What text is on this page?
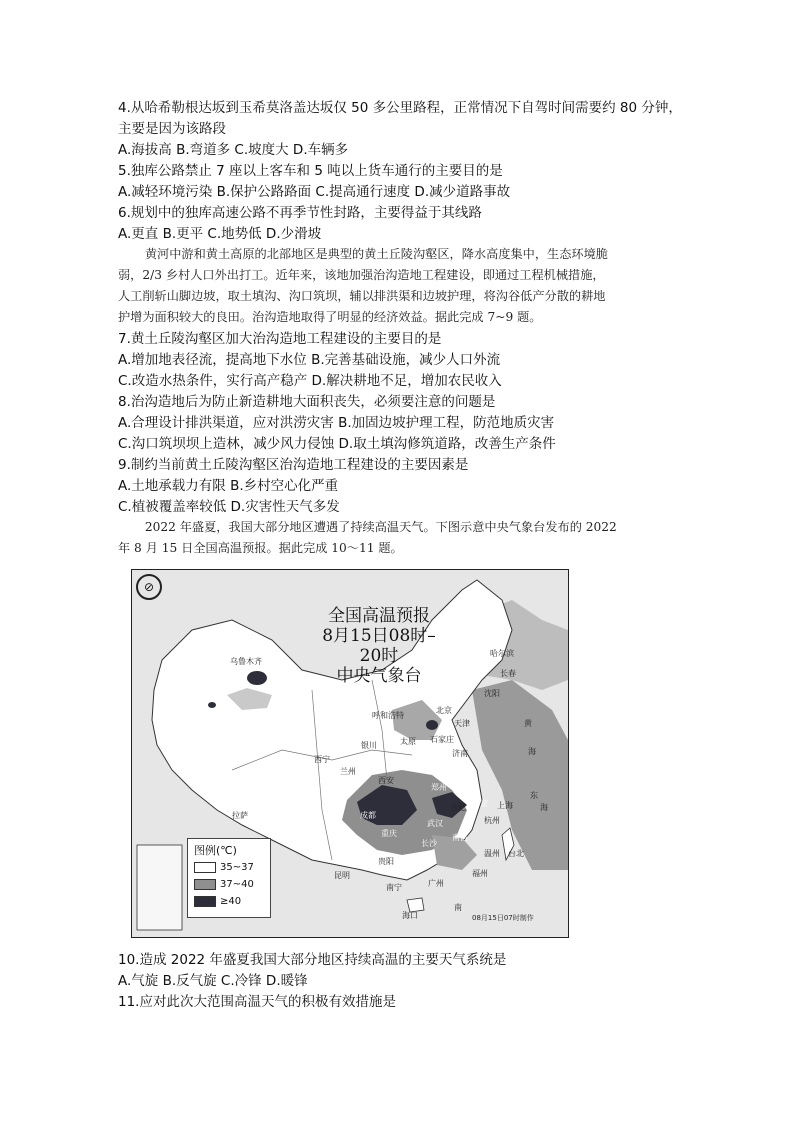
4.从哈希勒根达坂到玉希莫洛盖达坂仅 50 多公里路程，正常情况下自驾时间需要约 80 分钟，
主要是因为该路段
A.海拔高 B.弯道多 C.坡度大 D.车辆多
5.独库公路禁止 7 座以上客车和 5 吨以上货车通行的主要目的是
A.减轻环境污染 B.保护公路路面 C.提高通行速度 D.减少道路事故
6.规划中的独库高速公路不再季节性封路，主要得益于其线路
A.更直 B.更平 C.地势低 D.少滑坡
黄河中游和黄土高原的北部地区是典型的黄土丘陵沟壑区，降水高度集中，生态环境脆
弱，2/3 乡村人口外出打工。近年来，该地加强治沟造地工程建设，即通过工程机械措施，
人工削斩山脚边坡，取土填沟、沟口筑坝，辅以排洪渠和边坡护理，将沟谷低产分散的耕地
护增为面积较大的良田。治沟造地取得了明显的经济效益。据此完成 7~9 题。
7.黄土丘陵沟壑区加大治沟造地工程建设的主要目的是
A.增加地表径流，提高地下水位 B.完善基础设施，减少人口外流
C.改造水热条件，实行高产稳产 D.解决耕地不足，增加农民收入
8.治沟造地后为防止新造耕地大面积丧失，必须要注意的问题是
A.合理设计排洪渠道，应对洪涝灾害 B.加固边坡护理工程，防范地质灾害
C.沟口筑坝坝上造林，减少风力侵蚀 D.取土填沟修筑道路，改善生产条件
9.制约当前黄土丘陵沟壑区治沟造地工程建设的主要因素是
A.土地承载力有限 B.乡村空心化严重
C.植被覆盖率较低 D.灾害性天气多发
2022 年盛夏，我国大部分地区遭遇了持续高温天气。下图示意中央气象台发布的 2022
年 8 月 15 日全国高温预报。据此完成 10～11 题。
⊘
全国高温预报
8月15日08时–20时
中央气象台
乌鲁木齐
哈尔滨
长春
沈阳
北京
天津
呼和浩特
太原 石家庄
济南
银川
兰州
西宁
郑州
西安
合肥 南京 上海
杭州
武汉
成都
重庆
长沙
南昌
温州
福州
台北
贵阳
昆明
南宁	广州
海口
拉萨
黄
海
东
海
南
图例(℃)
35~37
37~40
≥40
08月15日07时制作
10.造成 2022 年盛夏我国大部分地区持续高温的主要天气系统是
A.气旋 B.反气旋 C.冷锋 D.暖锋
11.应对此次大范围高温天气的积极有效措施是
